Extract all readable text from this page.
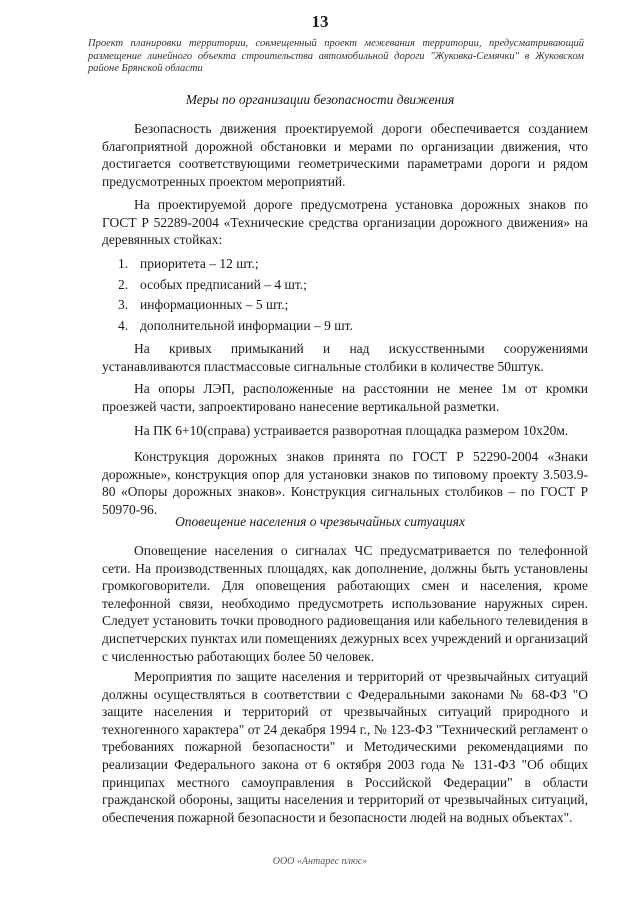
13
Проект планировки территории, совмещенный проект межевания территории, предусматривающий размещение линейного объекта строительства автомобильной дороги "Жуковка-Семячки" в Жуковском районе Брянской области
Меры по организации безопасности движения

Безопасность движения проектируемой дороги обеспечивается созданием благоприятной дорожной обстановки и мерами по организации движения, что достигается соответствующими геометрическими параметрами дороги и рядом предусмотренных проектом мероприятий.

На проектируемой дороге предусмотрена установка дорожных знаков по ГОСТ Р 52289-2004 «Технические средства организации дорожного движения» на деревянных стойках:

1. приоритета – 12 шт.;
2. особых предписаний – 4 шт.;
3. информационных – 5 шт.;
4. дополнительной информации – 9 шт.

На кривых примыканий и над искусственными сооружениями устанавливаются пластмассовые сигнальные столбики в количестве 50штук.

На опоры ЛЭП, расположенные на расстоянии не менее 1м от кромки проезжей части, запроектировано нанесение вертикальной разметки.

На ПК 6+10(справа) устраивается разворотная площадка размером 10х20м.

Конструкция дорожных знаков принята по ГОСТ Р 52290-2004 «Знаки дорожные», конструкция опор для установки знаков по типовому проекту 3.503.9-80 «Опоры дорожных знаков». Конструкция сигнальных столбиков – по ГОСТ Р 50970-96.

Оповещение населения о чрезвычайных ситуациях

Оповещение населения о сигналах ЧС предусматривается по телефонной сети. На производственных площадях, как дополнение, должны быть установлены громкоговорители. Для оповещения работающих смен и населения, кроме телефонной связи, необходимо предусмотреть использование наружных сирен. Следует установить точки проводного радиовещания или кабельного телевидения в диспетчерских пунктах или помещениях дежурных всех учреждений и организаций с численностью работающих более 50 человек.

Мероприятия по защите населения и территорий от чрезвычайных ситуаций должны осуществляться в соответствии с Федеральными законами № 68-ФЗ "О защите населения и территорий от чрезвычайных ситуаций природного и техногенного характера" от 24 декабря 1994 г., № 123-ФЗ "Технический регламент о требованиях пожарной безопасности" и Методическими рекомендациями по реализации Федерального закона от 6 октября 2003 года № 131-ФЗ "Об общих принципах местного самоуправления в Российской Федерации" в области гражданской обороны, защиты населения и территорий от чрезвычайных ситуаций, обеспечения пожарной безопасности и безопасности людей на водных объектах".

ООО «Антарес плюс»
